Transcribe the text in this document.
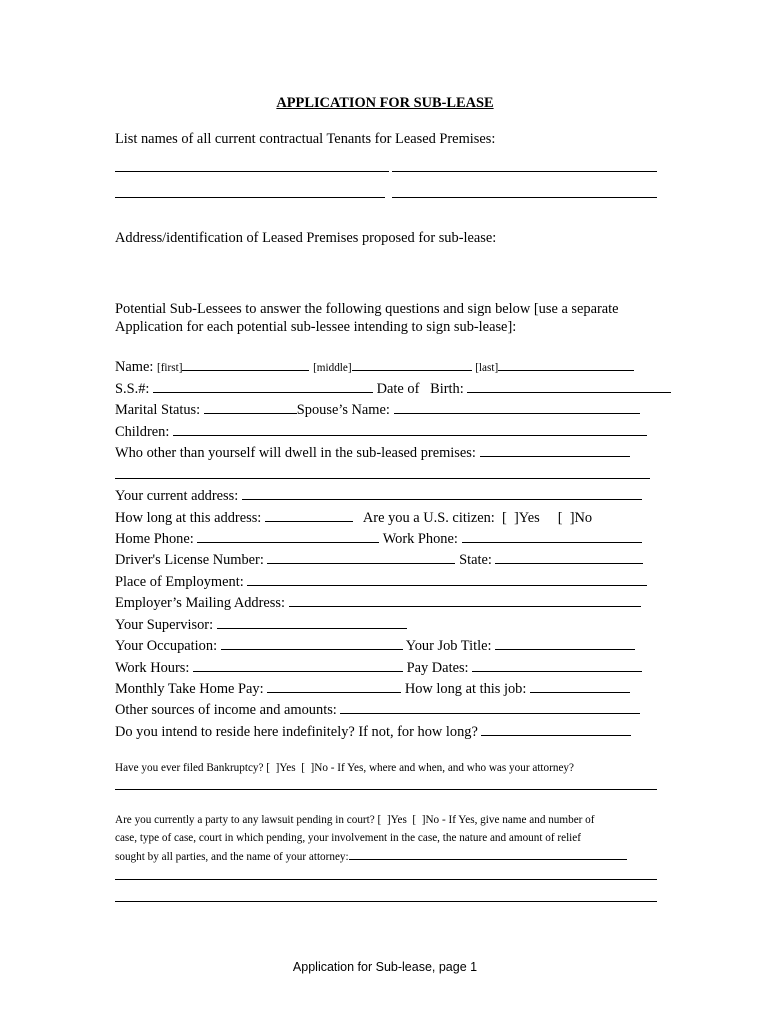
APPLICATION FOR SUB-LEASE
List names of all current contractual Tenants for Leased Premises:
Address/identification of Leased Premises proposed for sub-lease:
Potential Sub-Lessees to answer the following questions and sign below [use a separate
Application for each potential sub-lessee intending to sign sub-lease]:
Name: [first]	[middle]	[last]
S.S.#:	Date of   Birth:
Marital Status:	Spouse’s Name:
Children:
Who other than yourself will dwell in the sub-leased premises:
Your current address:
How long at this address:	Are you a U.S. citizen: [  ]Yes [  ]No
Home Phone:	Work Phone:
Driver's License Number:	State:
Place of Employment:
Employer’s Mailing Address:
Your Supervisor:
Your Occupation:	Your Job Title:
Work Hours:	Pay Dates:
Monthly Take Home Pay:	How long at this job:
Other sources of income and amounts:
Do you intend to reside here indefinitely? If not, for how long?
Have you ever filed Bankruptcy? [  ]Yes  [  ]No - If Yes, where and when, and who was your attorney?
Are you currently a party to any lawsuit pending in court? [  ]Yes  [  ]No - If Yes, give name and number of
case, type of case, court in which pending, your involvement in the case, the nature and amount of relief
sought by all parties, and the name of your attorney:
Application for Sub-lease, page 1
